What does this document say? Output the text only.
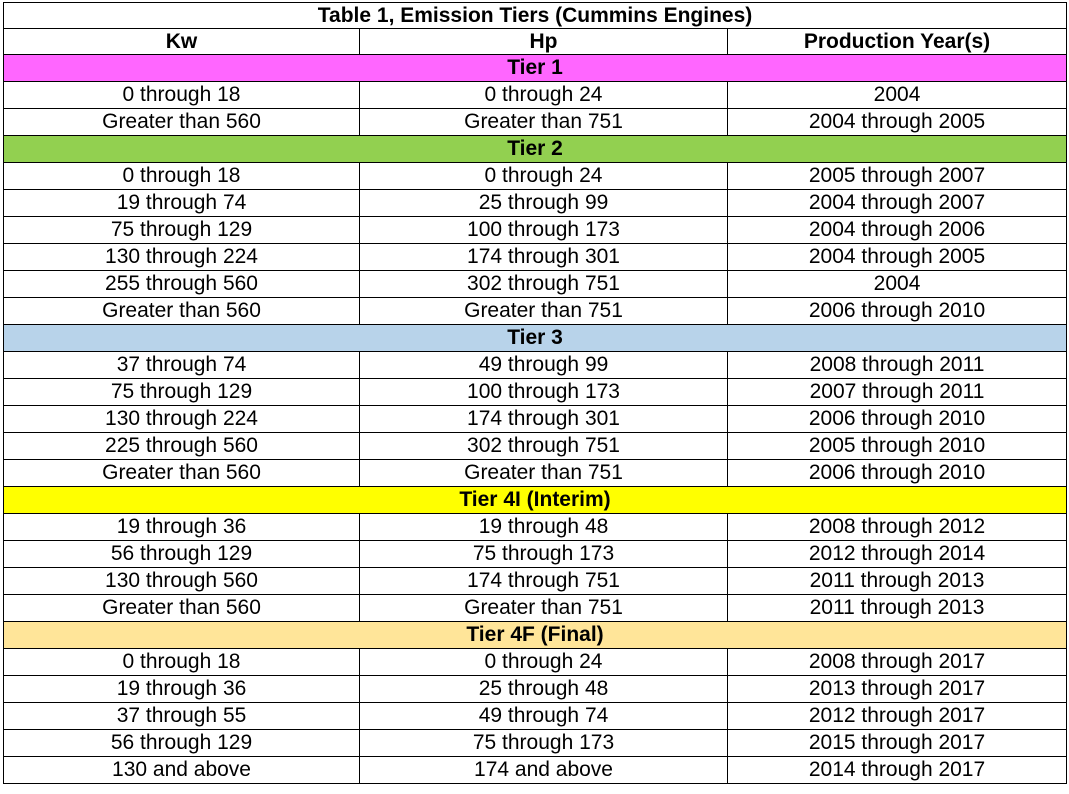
Table 1, Emission Tiers (Cummins Engines)		
Kw	Hp	Production Year(s)
Tier 1		
0 through 18	0 through 24	2004
Greater than 560	Greater than 751	2004 through 2005
Tier 2		
0 through 18	0 through 24	2005 through 2007
19 through 74	25 through 99	2004 through 2007
75 through 129	100 through 173	2004 through 2006
130 through 224	174 through 301	2004 through 2005
255 through 560	302 through 751	2004
Greater than 560	Greater than 751	2006 through 2010
Tier 3		
37 through 74	49 through 99	2008 through 2011
75 through 129	100 through 173	2007 through 2011
130 through 224	174 through 301	2006 through 2010
225 through 560	302 through 751	2005 through 2010
Greater than 560	Greater than 751	2006 through 2010
Tier 4I (Interim)		
19 through 36	19 through 48	2008 through 2012
56 through 129	75 through 173	2012 through 2014
130 through 560	174 through 751	2011 through 2013
Greater than 560	Greater than 751	2011 through 2013
Tier 4F (Final)		
0 through 18	0 through 24	2008 through 2017
19 through 36	25 through 48	2013 through 2017
37 through 55	49 through 74	2012 through 2017
56 through 129	75 through 173	2015 through 2017
130 and above	174 and above	2014 through 2017
